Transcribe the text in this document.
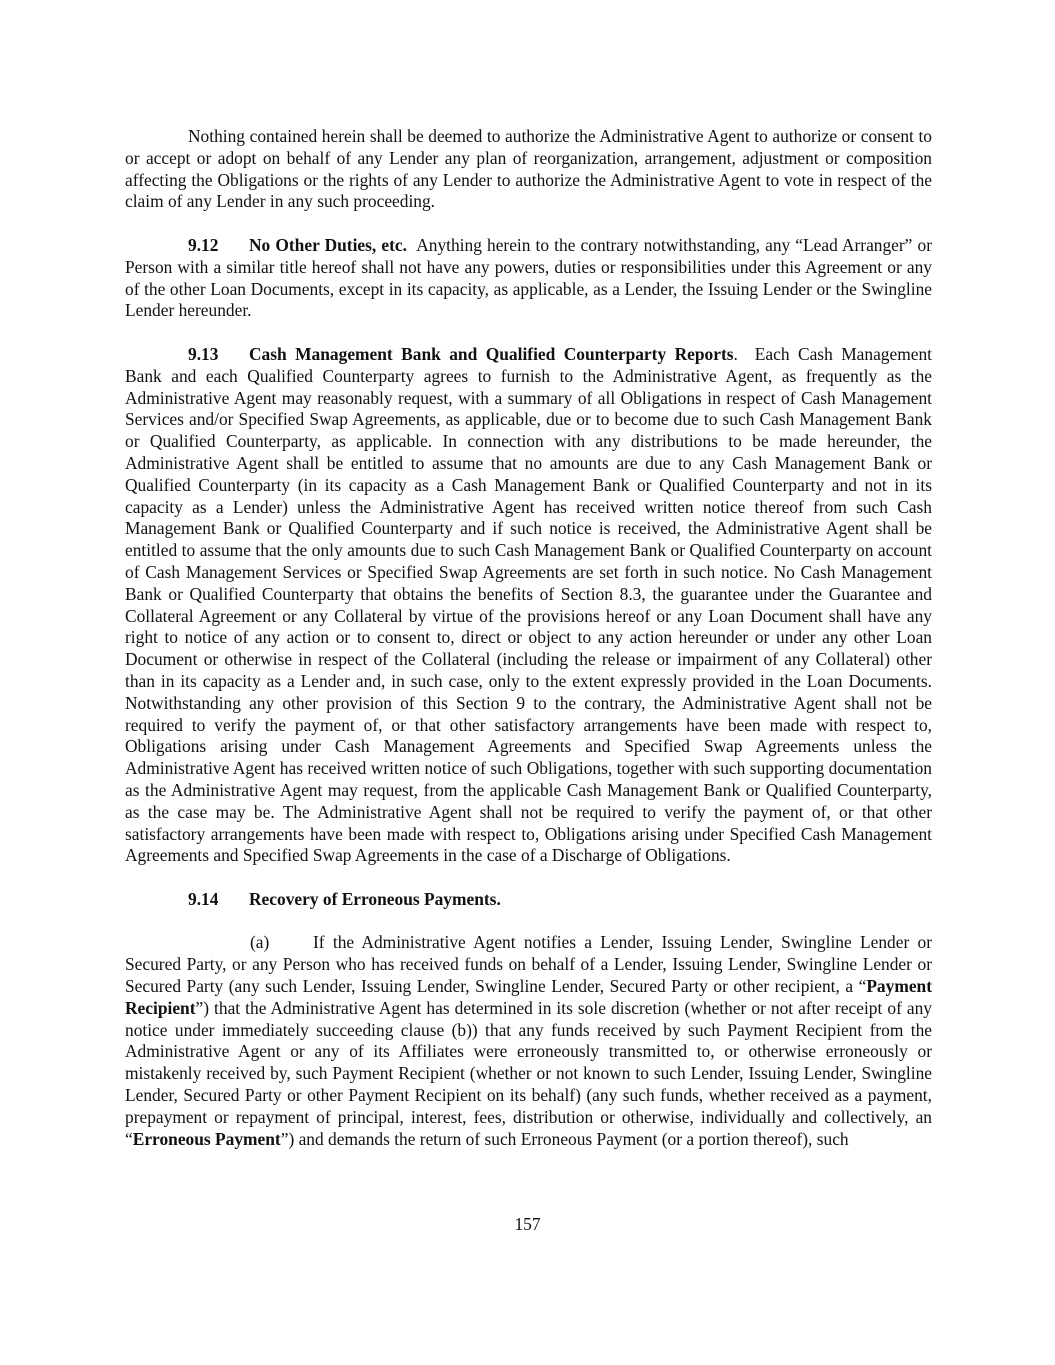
Nothing contained herein shall be deemed to authorize the Administrative Agent to authorize or consent to or accept or adopt on behalf of any Lender any plan of reorganization, arrangement, adjustment or composition affecting the Obligations or the rights of any Lender to authorize the Administrative Agent to vote in respect of the claim of any Lender in any such proceeding.

9.12 No Other Duties, etc. Anything herein to the contrary notwithstanding, any “Lead Arranger” or Person with a similar title hereof shall not have any powers, duties or responsibilities under this Agreement or any of the other Loan Documents, except in its capacity, as applicable, as a Lender, the Issuing Lender or the Swingline Lender hereunder.

9.13 Cash Management Bank and Qualified Counterparty Reports. Each Cash Management Bank and each Qualified Counterparty agrees to furnish to the Administrative Agent, as frequently as the Administrative Agent may reasonably request, with a summary of all Obligations in respect of Cash Management Services and/or Specified Swap Agreements, as applicable, due or to become due to such Cash Management Bank or Qualified Counterparty, as applicable. In connection with any distributions to be made hereunder, the Administrative Agent shall be entitled to assume that no amounts are due to any Cash Management Bank or Qualified Counterparty (in its capacity as a Cash Management Bank or Qualified Counterparty and not in its capacity as a Lender) unless the Administrative Agent has received written notice thereof from such Cash Management Bank or Qualified Counterparty and if such notice is received, the Administrative Agent shall be entitled to assume that the only amounts due to such Cash Management Bank or Qualified Counterparty on account of Cash Management Services or Specified Swap Agreements are set forth in such notice. No Cash Management Bank or Qualified Counterparty that obtains the benefits of Section 8.3, the guarantee under the Guarantee and Collateral Agreement or any Collateral by virtue of the provisions hereof or any Loan Document shall have any right to notice of any action or to consent to, direct or object to any action hereunder or under any other Loan Document or otherwise in respect of the Collateral (including the release or impairment of any Collateral) other than in its capacity as a Lender and, in such case, only to the extent expressly provided in the Loan Documents. Notwithstanding any other provision of this Section 9 to the contrary, the Administrative Agent shall not be required to verify the payment of, or that other satisfactory arrangements have been made with respect to, Obligations arising under Cash Management Agreements and Specified Swap Agreements unless the Administrative Agent has received written notice of such Obligations, together with such supporting documentation as the Administrative Agent may request, from the applicable Cash Management Bank or Qualified Counterparty, as the case may be. The Administrative Agent shall not be required to verify the payment of, or that other satisfactory arrangements have been made with respect to, Obligations arising under Specified Cash Management Agreements and Specified Swap Agreements in the case of a Discharge of Obligations.

9.14 Recovery of Erroneous Payments.

(a)	If the Administrative Agent notifies a Lender, Issuing Lender, Swingline Lender or Secured Party, or any Person who has received funds on behalf of a Lender, Issuing Lender, Swingline Lender or Secured Party (any such Lender, Issuing Lender, Swingline Lender, Secured Party or other recipient, a “Payment Recipient”) that the Administrative Agent has determined in its sole discretion (whether or not after receipt of any notice under immediately succeeding clause (b)) that any funds received by such Payment Recipient from the Administrative Agent or any of its Affiliates were erroneously transmitted to, or otherwise erroneously or mistakenly received by, such Payment Recipient (whether or not known to such Lender, Issuing Lender, Swingline Lender, Secured Party or other Payment Recipient on its behalf) (any such funds, whether received as a payment, prepayment or repayment of principal, interest, fees, distribution or otherwise, individually and collectively, an “Erroneous Payment”) and demands the return of such Erroneous Payment (or a portion thereof), such

157
